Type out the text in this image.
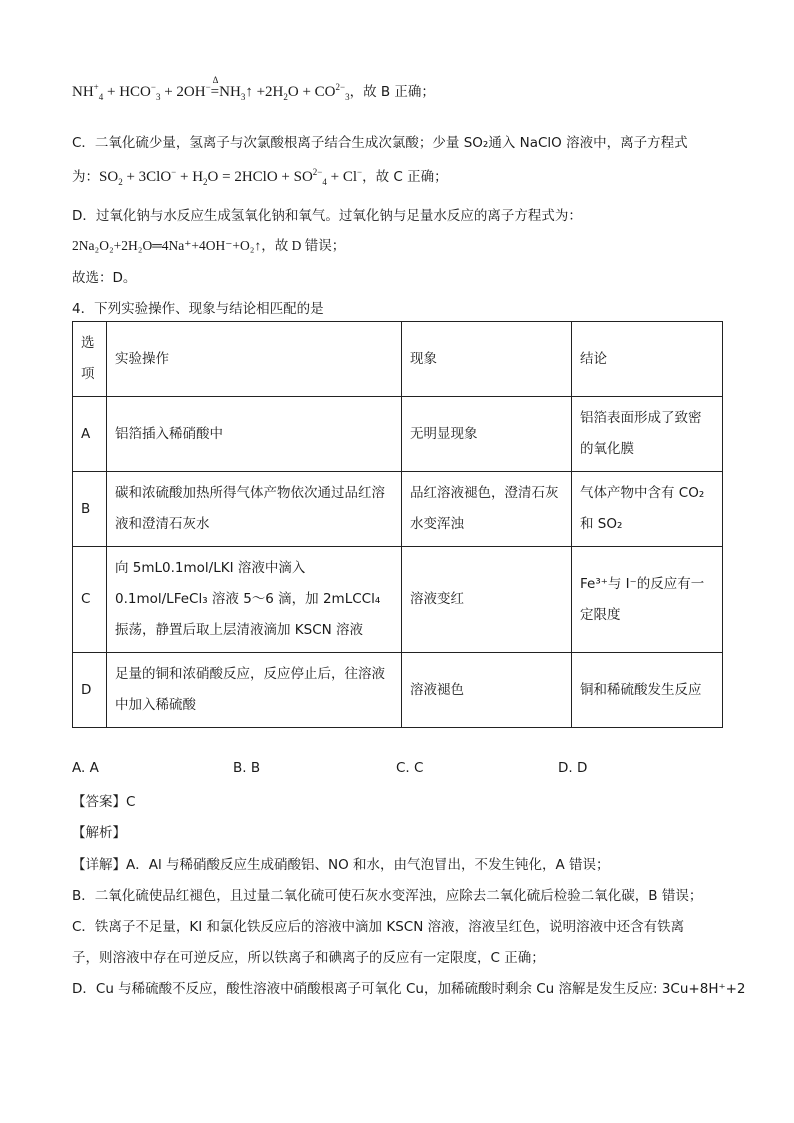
$NH^+_4 + HCO^-_3 + 2OH^-$
Δ
$=NH_3↑ +2H_2O + CO^{2-}_3$，故 B 正确；
C．二氧化硫少量，氢离子与次氯酸根离子结合生成次氯酸；少量 SO₂通入 NaClO 溶液中，离子方程式
为：$SO_2 + 3ClO^- + H_2O$ = 2HClO + $SO^{2-}_4 + Cl^-$，故 C 正确；
D．过氧化钠与水反应生成氢氧化钠和氧气。过氧化钠与足量水反应的离子方程式为：
2Na₂O₂+2H₂O═4Na⁺+4OH⁻+O₂↑，故 D 错误；
故选：D。
4．下列实验操作、现象与结论相匹配的是
选项	实验操作	现象	结论
A	铝箔插入稀硝酸中	无明显现象	铝箔表面形成了致密的氧化膜
B	碳和浓硫酸加热所得气体产物依次通过品红溶液和澄清石灰水	品红溶液褪色，澄清石灰水变浑浊	气体产物中含有 CO₂ 和 SO₂
C	向 5mL0.1mol/LKI 溶液中滴入 0.1mol/LFeCl₃ 溶液 5～6 滴，加 2mLCCl₄振荡，静置后取上层清液滴加 KSCN 溶液	溶液变红	Fe³⁺与 I⁻的反应有一定限度
D	足量的铜和浓硝酸反应，反应停止后，往溶液中加入稀硫酸	溶液褪色	铜和稀硫酸发生反应
A. A	B. B	C. C	D. D
【答案】C
【解析】
【详解】A．Al 与稀硝酸反应生成硝酸铝、NO 和水，由气泡冒出，不发生钝化，A 错误；
B．二氧化硫使品红褪色，且过量二氧化硫可使石灰水变浑浊，应除去二氧化硫后检验二氧化碳，B 错误；
C．铁离子不足量，KI 和氯化铁反应后的溶液中滴加 KSCN 溶液，溶液呈红色，说明溶液中还含有铁离
子，则溶液中存在可逆反应，所以铁离子和碘离子的反应有一定限度，C 正确；
D．Cu 与稀硫酸不反应，酸性溶液中硝酸根离子可氧化 Cu，加稀硫酸时剩余 Cu 溶解是发生反应: 3Cu+8H⁺+2
